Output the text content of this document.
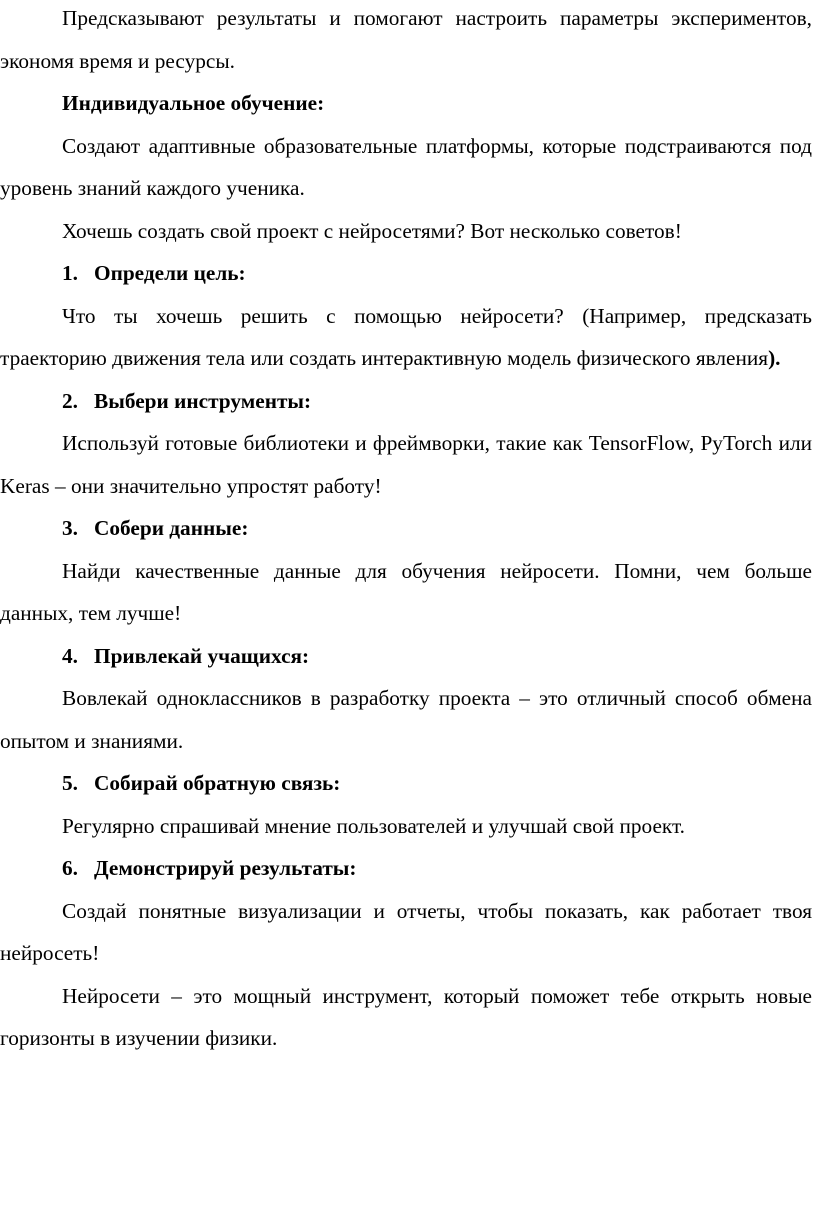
Предсказывают результаты и помогают настроить параметры экспериментов, экономя время и ресурсы.

Индивидуальное обучение:

Создают адаптивные образовательные платформы, которые подстраиваются под уровень знаний каждого ученика.

Хочешь создать свой проект с нейросетями? Вот несколько советов!

1. Определи цель:

Что ты хочешь решить с помощью нейросети? (Например, предсказать траекторию движения тела или создать интерактивную модель физического явления).

2. Выбери инструменты:

Используй готовые библиотеки и фреймворки, такие как TensorFlow, PyTorch или Keras – они значительно упростят работу!

3. Собери данные:

Найди качественные данные для обучения нейросети. Помни, чем больше данных, тем лучше!

4. Привлекай учащихся:

Вовлекай одноклассников в разработку проекта – это отличный способ обмена опытом и знаниями.

5. Собирай обратную связь:

Регулярно спрашивай мнение пользователей и улучшай свой проект.

6. Демонстрируй результаты:

Создай понятные визуализации и отчеты, чтобы показать, как работает твоя нейросеть!

Нейросети – это мощный инструмент, который поможет тебе открыть новые горизонты в изучении физики.
